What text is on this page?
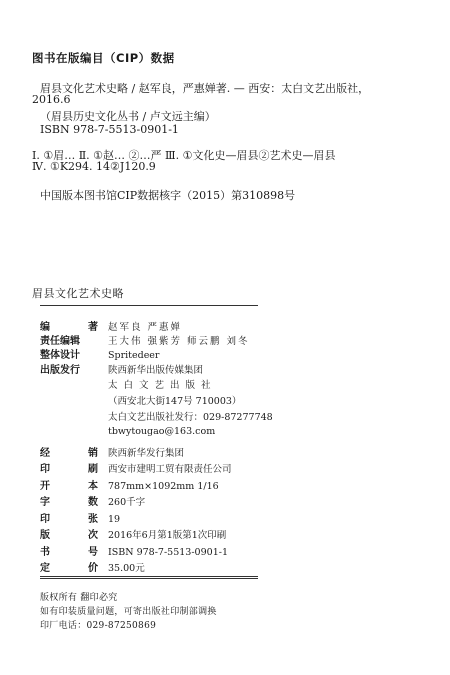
图书在版编目（CIP）数据
眉县文化艺术史略 / 赵军良，严惠婵著. — 西安：太白文艺出版社，
2016.6
（眉县历史文化丛书 / 卢文远主编）
ISBN 978-7-5513-0901-1
Ⅰ. ①眉… Ⅱ. ①赵… ②…严 Ⅲ. ①文化史—眉县②艺术史—眉县
Ⅳ. ①K294. 14②J120.9
中国版本图书馆CIP数据核字（2015）第310898号
眉县文化艺术史略
编	著 赵军良 严惠婵
责任编辑	王大伟 强紫芳 师云鹏 刘冬
整体设计	Spritedeer
出版发行	陕西新华出版传媒集团
太白文艺出版社
（西安北大街147号 710003）
太白文艺出版社发行：029-87277748
tbwytougao@163.com
经	销 陕西新华发行集团
印	刷 西安市建明工贸有限责任公司
开	本 787mm×1092mm 1/16
字	数 260千字
印	张 19
版	次 2016年6月第1版第1次印刷
书	号 ISBN 978-7-5513-0901-1
定	价 35.00元
版权所有 翻印必究
如有印装质量问题，可寄出版社印制部调换
印厂电话：029-87250869
